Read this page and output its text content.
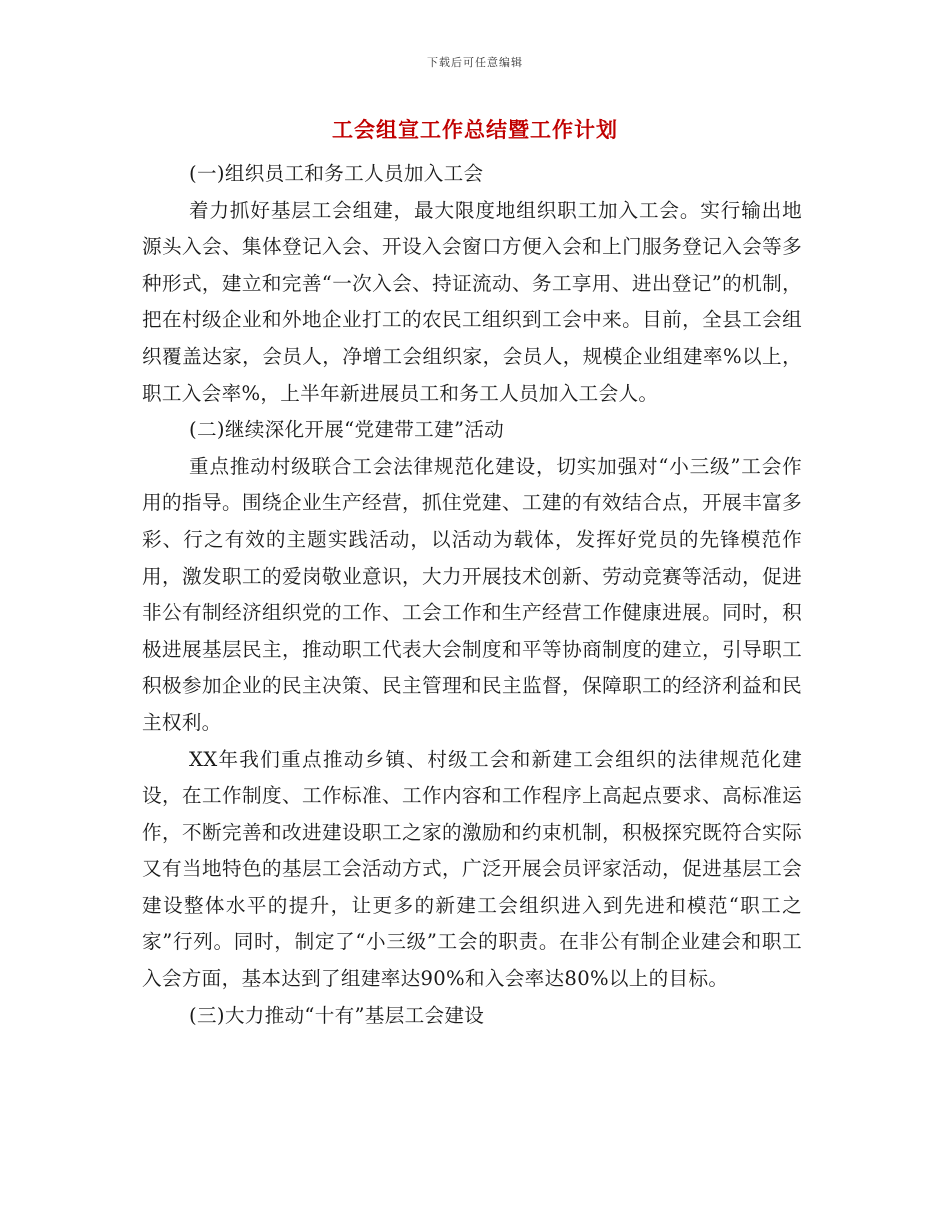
下载后可任意编辑
工会组宣工作总结暨工作计划

(一)组织员工和务工人员加入工会

着力抓好基层工会组建，最大限度地组织职工加入工会。实行输出地源头入会、集体登记入会、开设入会窗口方便入会和上门服务登记入会等多种形式，建立和完善“一次入会、持证流动、务工享用、进出登记”的机制，把在村级企业和外地企业打工的农民工组织到工会中来。目前，全县工会组织覆盖达家，会员人，净增工会组织家，会员人，规模企业组建率%以上，职工入会率%，上半年新进展员工和务工人员加入工会人。

(二)继续深化开展“党建带工建”活动

重点推动村级联合工会法律规范化建设，切实加强对“小三级”工会作用的指导。围绕企业生产经营，抓住党建、工建的有效结合点，开展丰富多彩、行之有效的主题实践活动，以活动为载体，发挥好党员的先锋模范作用，激发职工的爱岗敬业意识，大力开展技术创新、劳动竞赛等活动，促进非公有制经济组织党的工作、工会工作和生产经营工作健康进展。同时，积极进展基层民主，推动职工代表大会制度和平等协商制度的建立，引导职工积极参加企业的民主决策、民主管理和民主监督，保障职工的经济利益和民主权利。

XX年我们重点推动乡镇、村级工会和新建工会组织的法律规范化建设，在工作制度、工作标准、工作内容和工作程序上高起点要求、高标准运作，不断完善和改进建设职工之家的激励和约束机制，积极探究既符合实际又有当地特色的基层工会活动方式，广泛开展会员评家活动，促进基层工会建设整体水平的提升，让更多的新建工会组织进入到先进和模范“职工之家”行列。同时，制定了“小三级”工会的职责。在非公有制企业建会和职工入会方面，基本达到了组建率达90%和入会率达80%以上的目标。

(三)大力推动“十有”基层工会建设
